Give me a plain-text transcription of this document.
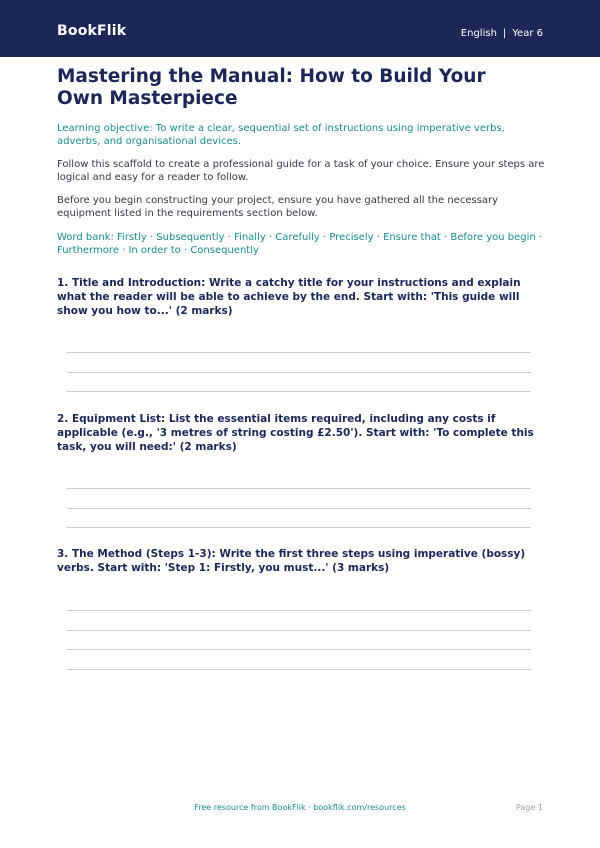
BookFlik	English | Year 6
Mastering the Manual: How to Build Your Own Masterpiece
Learning objective: To write a clear, sequential set of instructions using imperative verbs, adverbs, and organisational devices.
Follow this scaffold to create a professional guide for a task of your choice. Ensure your steps are logical and easy for a reader to follow.
Before you begin constructing your project, ensure you have gathered all the necessary equipment listed in the requirements section below.
Word bank: Firstly · Subsequently · Finally · Carefully · Precisely · Ensure that · Before you begin · Furthermore · In order to · Consequently
1. Title and Introduction: Write a catchy title for your instructions and explain what the reader will be able to achieve by the end. Start with: 'This guide will show you how to...' (2 marks)
2. Equipment List: List the essential items required, including any costs if applicable (e.g., '3 metres of string costing £2.50'). Start with: 'To complete this task, you will need:' (2 marks)
3. The Method (Steps 1-3): Write the first three steps using imperative (bossy) verbs. Start with: 'Step 1: Firstly, you must...' (3 marks)
Free resource from BookFlik · bookflik.com/resources	Page 1
